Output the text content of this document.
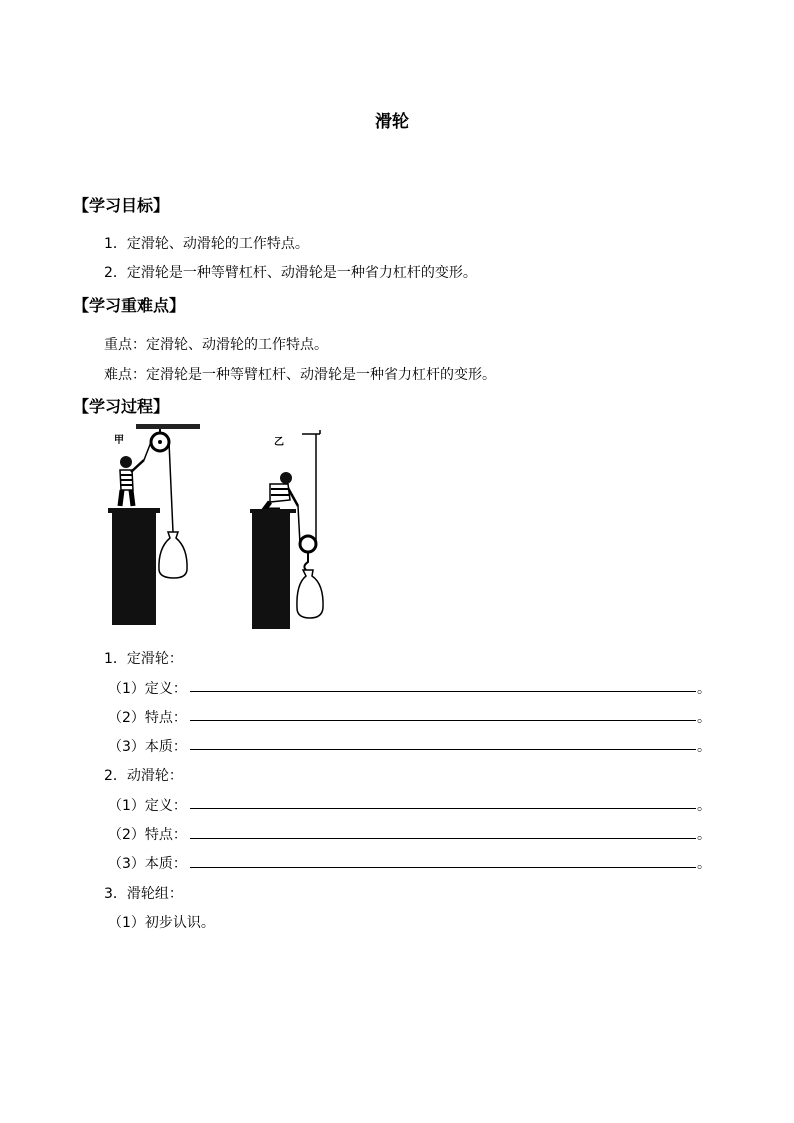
滑轮
【学习目标】
1．定滑轮、动滑轮的工作特点。
2．定滑轮是一种等臂杠杆、动滑轮是一种省力杠杆的变形。
【学习重难点】
重点：定滑轮、动滑轮的工作特点。
难点：定滑轮是一种等臂杠杆、动滑轮是一种省力杠杆的变形。
【学习过程】
甲	乙
1．定滑轮：
（1）定义：	。
（2）特点：	。
（3）本质：	。
2．动滑轮：
（1）定义：	。
（2）特点：	。
（3）本质：	。
3．滑轮组：
（1）初步认识。
